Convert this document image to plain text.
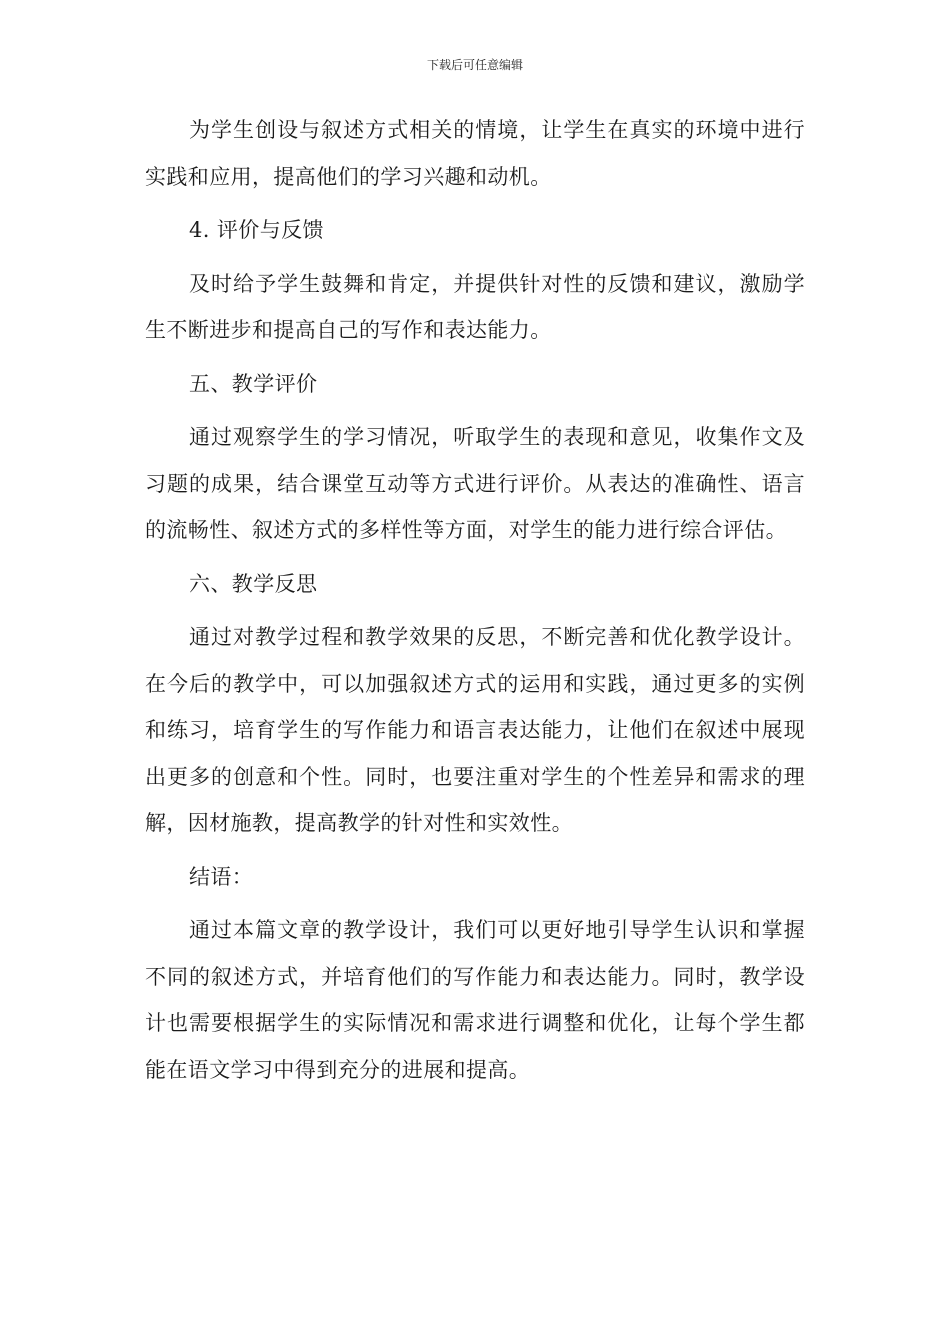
下载后可任意编辑

为学生创设与叙述方式相关的情境，让学生在真实的环境中进行实践和应用，提高他们的学习兴趣和动机。

4. 评价与反馈

及时给予学生鼓舞和肯定，并提供针对性的反馈和建议，激励学生不断进步和提高自己的写作和表达能力。

五、教学评价

通过观察学生的学习情况，听取学生的表现和意见，收集作文及习题的成果，结合课堂互动等方式进行评价。从表达的准确性、语言的流畅性、叙述方式的多样性等方面，对学生的能力进行综合评估。

六、教学反思

通过对教学过程和教学效果的反思，不断完善和优化教学设计。在今后的教学中，可以加强叙述方式的运用和实践，通过更多的实例和练习，培育学生的写作能力和语言表达能力，让他们在叙述中展现出更多的创意和个性。同时，也要注重对学生的个性差异和需求的理解，因材施教，提高教学的针对性和实效性。

结语：

通过本篇文章的教学设计，我们可以更好地引导学生认识和掌握不同的叙述方式，并培育他们的写作能力和表达能力。同时，教学设计也需要根据学生的实际情况和需求进行调整和优化，让每个学生都能在语文学习中得到充分的进展和提高。
